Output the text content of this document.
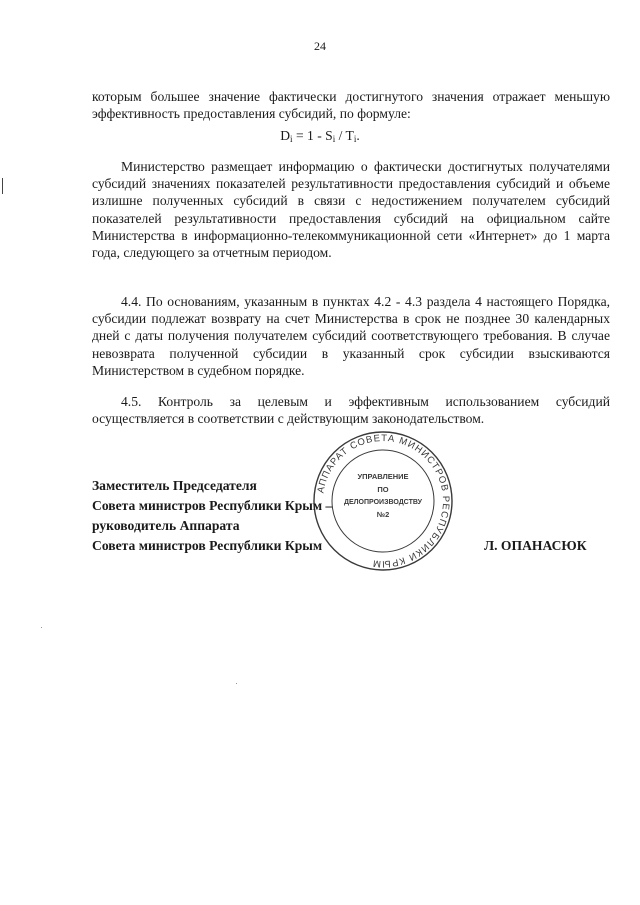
24

которым большее значение фактически достигнутого значения отражает меньшую эффективность предоставления субсидий, по формуле:

$D_i = 1 - S_i / T_i$.

Министерство размещает информацию о фактически достигнутых получателями субсидий значениях показателей результативности предоставления субсидий и объеме излишне полученных субсидий в связи с недостижением получателем субсидий показателей результативности предоставления субсидий на официальном сайте Министерства в информационно-телекоммуникационной сети «Интернет» до 1 марта года, следующего за отчетным периодом.

4.4. По основаниям, указанным в пунктах 4.2 - 4.3 раздела 4 настоящего Порядка, субсидии подлежат возврату на счет Министерства в срок не позднее 30 календарных дней с даты получения получателем субсидий соответствующего требования. В случае невозврата полученной субсидии в указанный срок субсидии взыскиваются Министерством в судебном порядке.

4.5. Контроль за целевым и эффективным использованием субсидий осуществляется в соответствии с действующим законодательством.

АППАРАТ СОВЕТА МИНИСТРОВ РЕСПУБЛИКИ КРЫМ
УПРАВЛЕНИЕ
ПО
ДЕЛОПРОИЗВОДСТВУ
№2
Заместитель Председателя
Совета министров Республики Крым –
руководитель Аппарата
Совета министров Республики Крым	Л. ОПАНАСЮК
